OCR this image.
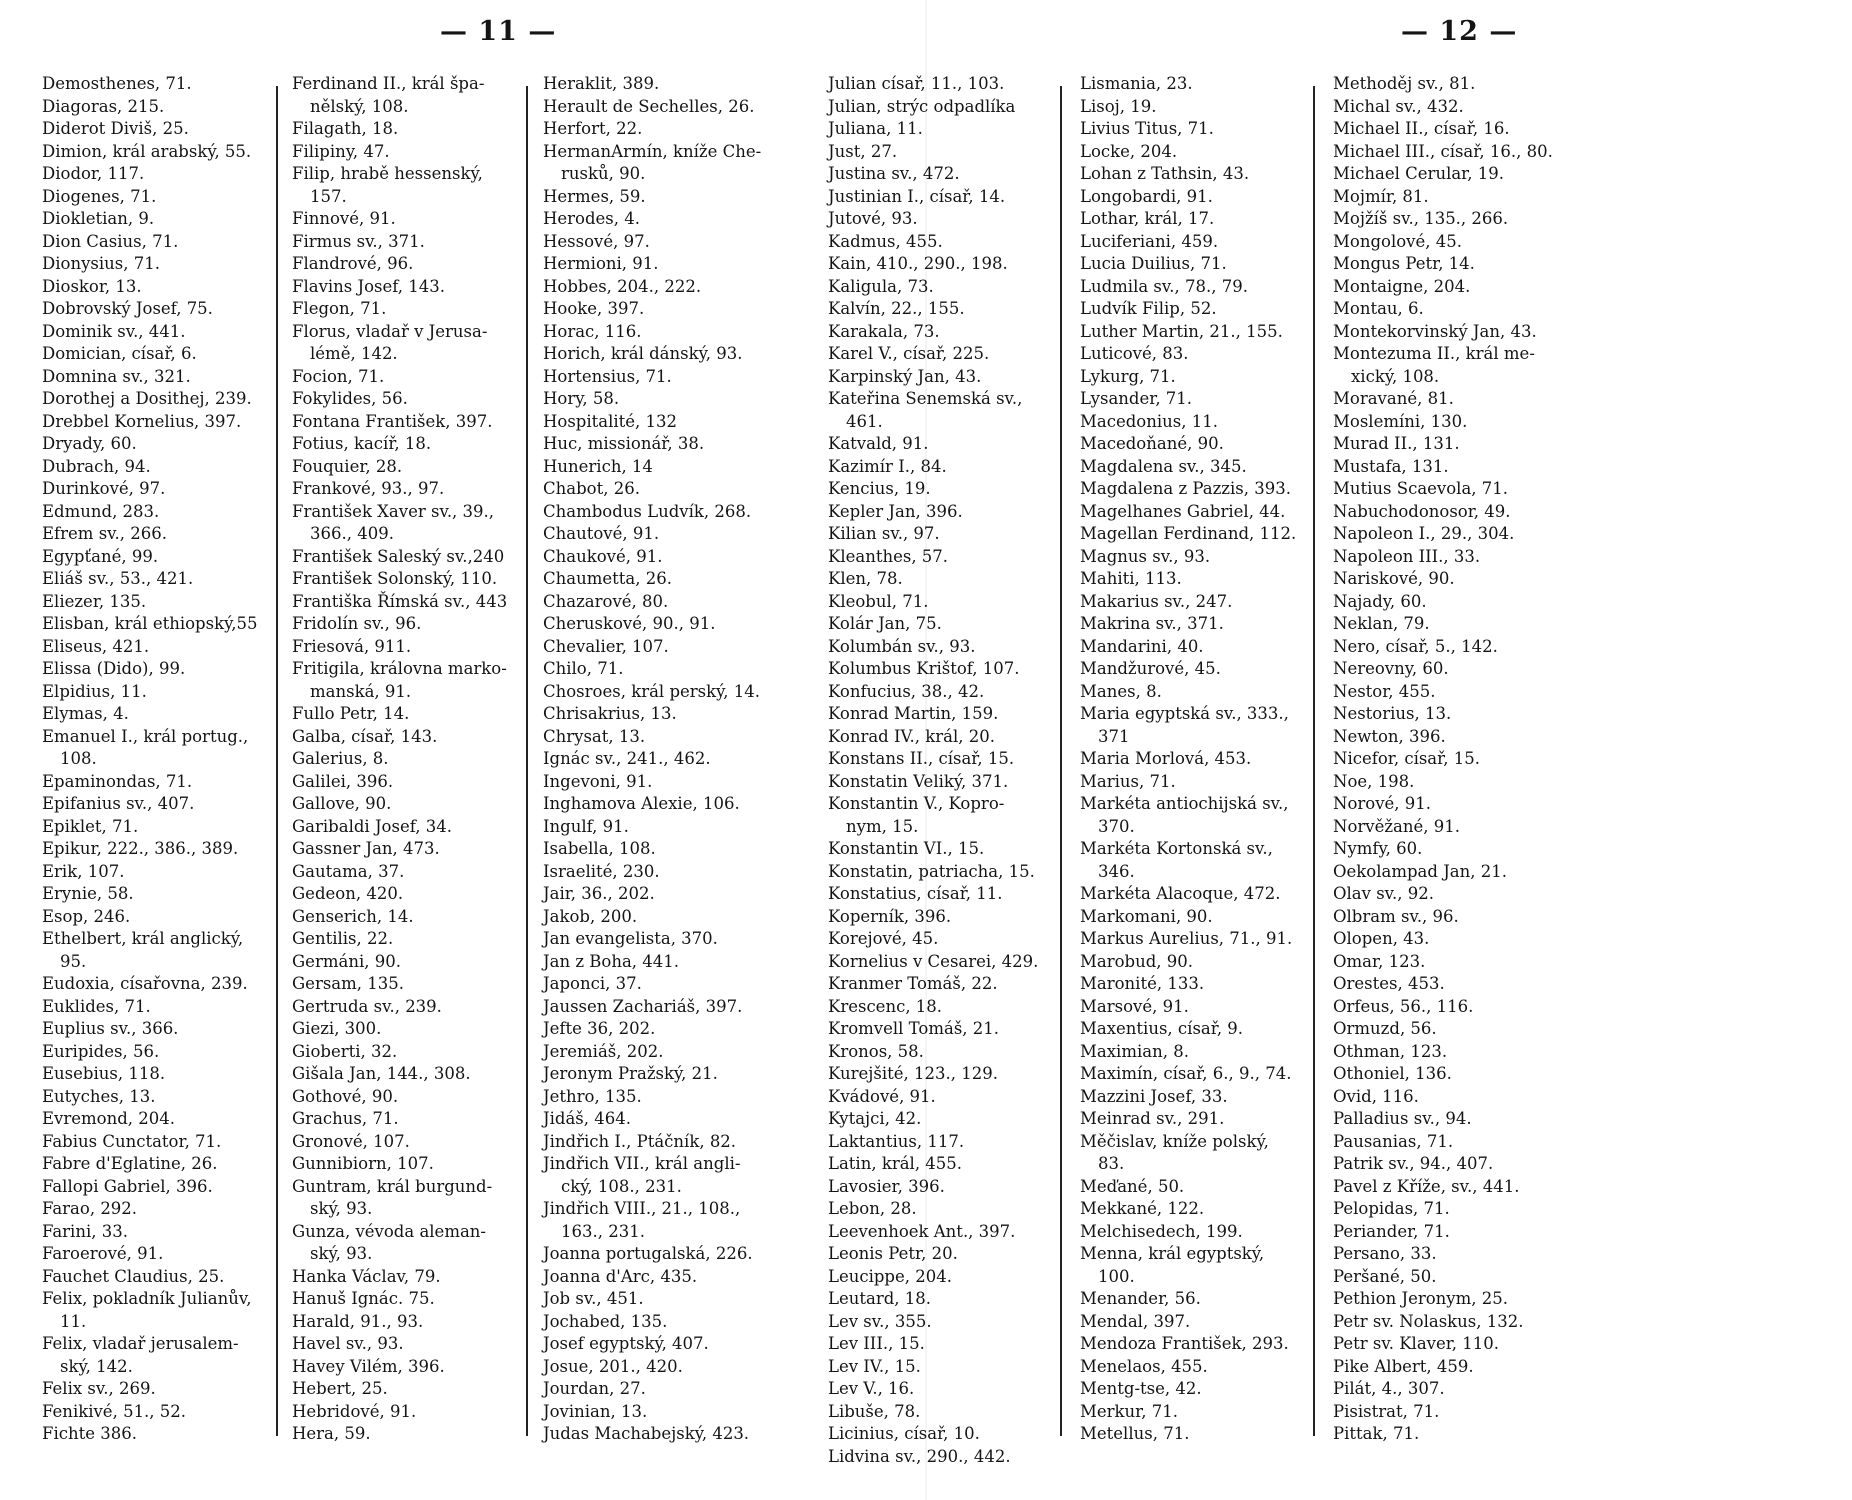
— 11 —
Demosthenes, 71.
Diagoras, 215.
Diderot Diviš, 25.
Dimion, král arabský, 55.
Diodor, 117.
Diogenes, 71.
Diokletian, 9.
Dion Casius, 71.
Dionysius, 71.
Dioskor, 13.
Dobrovský Josef, 75.
Dominik sv., 441.
Domician, císař, 6.
Domnina sv., 321.
Dorothej a Dosithej, 239.
Drebbel Kornelius, 397.
Dryady, 60.
Dubrach, 94.
Durinkové, 97.
Edmund, 283.
Efrem sv., 266.
Egypťané, 99.
Eliáš sv., 53., 421.
Eliezer, 135.
Elisban, král ethiopský,55
Eliseus, 421.
Elissa (Dido), 99.
Elpidius, 11.
Elymas, 4.
Emanuel I., král portug.,
108.
Epaminondas, 71.
Epifanius sv., 407.
Epiklet, 71.
Epikur, 222., 386., 389.
Erik, 107.
Erynie, 58.
Esop, 246.
Ethelbert, král anglický,
95.
Eudoxia, císařovna, 239.
Euklides, 71.
Euplius sv., 366.
Euripides, 56.
Eusebius, 118.
Eutyches, 13.
Evremond, 204.
Fabius Cunctator, 71.
Fabre d'Eglatine, 26.
Fallopi Gabriel, 396.
Farao, 292.
Farini, 33.
Faroerové, 91.
Fauchet Claudius, 25.
Felix, pokladník Julianův,
11.
Felix, vladař jerusalem-
ský, 142.
Felix sv., 269.
Fenikivé, 51., 52.
Fichte 386.
Ferdinand II., král špa-
nělský, 108.
Filagath, 18.
Filipiny, 47.
Filip, hrabě hessenský,
157.
Finnové, 91.
Firmus sv., 371.
Flandrové, 96.
Flavins Josef, 143.
Flegon, 71.
Florus, vladař v Jerusa-
lémě, 142.
Focion, 71.
Fokylides, 56.
Fontana František, 397.
Fotius, kacíř, 18.
Fouquier, 28.
Frankové, 93., 97.
František Xaver sv., 39.,
366., 409.
František Saleský sv.,240
František Solonský, 110.
Františka Římská sv., 443
Fridolín sv., 96.
Friesová, 911.
Fritigila, královna marko-
manská, 91.
Fullo Petr, 14.
Galba, císař, 143.
Galerius, 8.
Galilei, 396.
Gallove, 90.
Garibaldi Josef, 34.
Gassner Jan, 473.
Gautama, 37.
Gedeon, 420.
Genserich, 14.
Gentilis, 22.
Germáni, 90.
Gersam, 135.
Gertruda sv., 239.
Giezi, 300.
Gioberti, 32.
Gišala Jan, 144., 308.
Gothové, 90.
Grachus, 71.
Gronové, 107.
Gunnibiorn, 107.
Guntram, král burgund-
ský, 93.
Gunza, vévoda aleman-
ský, 93.
Hanka Václav, 79.
Hanuš Ignác. 75.
Harald, 91., 93.
Havel sv., 93.
Havey Vilém, 396.
Hebert, 25.
Hebridové, 91.
Hera, 59.
Heraklit, 389.
Herault de Sechelles, 26.
Herfort, 22.
HermanArmín, kníže Che-
rusků, 90.
Hermes, 59.
Herodes, 4.
Hessové, 97.
Hermioni, 91.
Hobbes, 204., 222.
Hooke, 397.
Horac, 116.
Horich, král dánský, 93.
Hortensius, 71.
Hory, 58.
Hospitalité, 132
Huc, missionář, 38.
Hunerich, 14
Chabot, 26.
Chambodus Ludvík, 268.
Chautové, 91.
Chaukové, 91.
Chaumetta, 26.
Chazarové, 80.
Cheruskové, 90., 91.
Chevalier, 107.
Chilo, 71.
Chosroes, král perský, 14.
Chrisakrius, 13.
Chrysat, 13.
Ignác sv., 241., 462.
Ingevoni, 91.
Inghamova Alexie, 106.
Ingulf, 91.
Isabella, 108.
Israelité, 230.
Jair, 36., 202.
Jakob, 200.
Jan evangelista, 370.
Jan z Boha, 441.
Japonci, 37.
Jaussen Zachariáš, 397.
Jefte 36, 202.
Jeremiáš, 202.
Jeronym Pražský, 21.
Jethro, 135.
Jidáš, 464.
Jindřich I., Ptáčník, 82.
Jindřich VII., král angli-
cký, 108., 231.
Jindřich VIII., 21., 108.,
163., 231.
Joanna portugalská, 226.
Joanna d'Arc, 435.
Job sv., 451.
Jochabed, 135.
Josef egyptský, 407.
Josue, 201., 420.
Jourdan, 27.
Jovinian, 13.
Judas Machabejský, 423.
— 12 —
Julian císař, 11., 103.
Julian, strýc odpadlíka
Juliana, 11.
Just, 27.
Justina sv., 472.
Justinian I., císař, 14.
Jutové, 93.
Kadmus, 455.
Kain, 410., 290., 198.
Kaligula, 73.
Kalvín, 22., 155.
Karakala, 73.
Karel V., císař, 225.
Karpinský Jan, 43.
Kateřina Senemská sv.,
461.
Katvald, 91.
Kazimír I., 84.
Kencius, 19.
Kepler Jan, 396.
Kilian sv., 97.
Kleanthes, 57.
Klen, 78.
Kleobul, 71.
Kolár Jan, 75.
Kolumbán sv., 93.
Kolumbus Krištof, 107.
Konfucius, 38., 42.
Konrad Martin, 159.
Konrad IV., král, 20.
Konstans II., císař, 15.
Konstatin Veliký, 371.
Konstantin V., Kopro-
nym, 15.
Konstantin VI., 15.
Konstatin, patriacha, 15.
Konstatius, císař, 11.
Koperník, 396.
Korejové, 45.
Kornelius v Cesarei, 429.
Kranmer Tomáš, 22.
Krescenc, 18.
Kromvell Tomáš, 21.
Kronos, 58.
Kurejšité, 123., 129.
Kvádové, 91.
Kytajci, 42.
Laktantius, 117.
Latin, král, 455.
Lavosier, 396.
Lebon, 28.
Leevenhoek Ant., 397.
Leonis Petr, 20.
Leucippe, 204.
Leutard, 18.
Lev sv., 355.
Lev III., 15.
Lev IV., 15.
Lev V., 16.
Libuše, 78.
Licinius, císař, 10.
Lidvina sv., 290., 442.
Lismania, 23.
Lisoj, 19.
Livius Titus, 71.
Locke, 204.
Lohan z Tathsin, 43.
Longobardi, 91.
Lothar, král, 17.
Luciferiani, 459.
Lucia Duilius, 71.
Ludmila sv., 78., 79.
Ludvík Filip, 52.
Luther Martin, 21., 155.
Luticové, 83.
Lykurg, 71.
Lysander, 71.
Macedonius, 11.
Macedoňané, 90.
Magdalena sv., 345.
Magdalena z Pazzis, 393.
Magelhanes Gabriel, 44.
Magellan Ferdinand, 112.
Magnus sv., 93.
Mahiti, 113.
Makarius sv., 247.
Makrina sv., 371.
Mandarini, 40.
Mandžurové, 45.
Manes, 8.
Maria egyptská sv., 333.,
371
Maria Morlová, 453.
Marius, 71.
Markéta antiochijská sv.,
370.
Markéta Kortonská sv.,
346.
Markéta Alacoque, 472.
Markomani, 90.
Markus Aurelius, 71., 91.
Marobud, 90.
Maronité, 133.
Marsové, 91.
Maxentius, císař, 9.
Maximian, 8.
Maximín, císař, 6., 9., 74.
Mazzini Josef, 33.
Meinrad sv., 291.
Měčislav, kníže polský,
83.
Meďané, 50.
Mekkané, 122.
Melchisedech, 199.
Menna, král egyptský,
100.
Menander, 56.
Mendal, 397.
Mendoza František, 293.
Menelaos, 455.
Mentg-tse, 42.
Merkur, 71.
Metellus, 71.
Methoděj sv., 81.
Michal sv., 432.
Michael II., císař, 16.
Michael III., císař, 16., 80.
Michael Cerular, 19.
Mojmír, 81.
Mojžíš sv., 135., 266.
Mongolové, 45.
Mongus Petr, 14.
Montaigne, 204.
Montau, 6.
Montekorvinský Jan, 43.
Montezuma II., král me-
xický, 108.
Moravané, 81.
Moslemíni, 130.
Murad II., 131.
Mustafa, 131.
Mutius Scaevola, 71.
Nabuchodonosor, 49.
Napoleon I., 29., 304.
Napoleon III., 33.
Nariskové, 90.
Najady, 60.
Neklan, 79.
Nero, císař, 5., 142.
Nereovny, 60.
Nestor, 455.
Nestorius, 13.
Newton, 396.
Nicefor, císař, 15.
Noe, 198.
Norové, 91.
Norvěžané, 91.
Nymfy, 60.
Oekolampad Jan, 21.
Olav sv., 92.
Olbram sv., 96.
Olopen, 43.
Omar, 123.
Orestes, 453.
Orfeus, 56., 116.
Ormuzd, 56.
Othman, 123.
Othoniel, 136.
Ovid, 116.
Palladius sv., 94.
Pausanias, 71.
Patrik sv., 94., 407.
Pavel z Kříže, sv., 441.
Pelopidas, 71.
Periander, 71.
Persano, 33.
Peršané, 50.
Pethion Jeronym, 25.
Petr sv. Nolaskus, 132.
Petr sv. Klaver, 110.
Pike Albert, 459.
Pilát, 4., 307.
Pisistrat, 71.
Pittak, 71.
